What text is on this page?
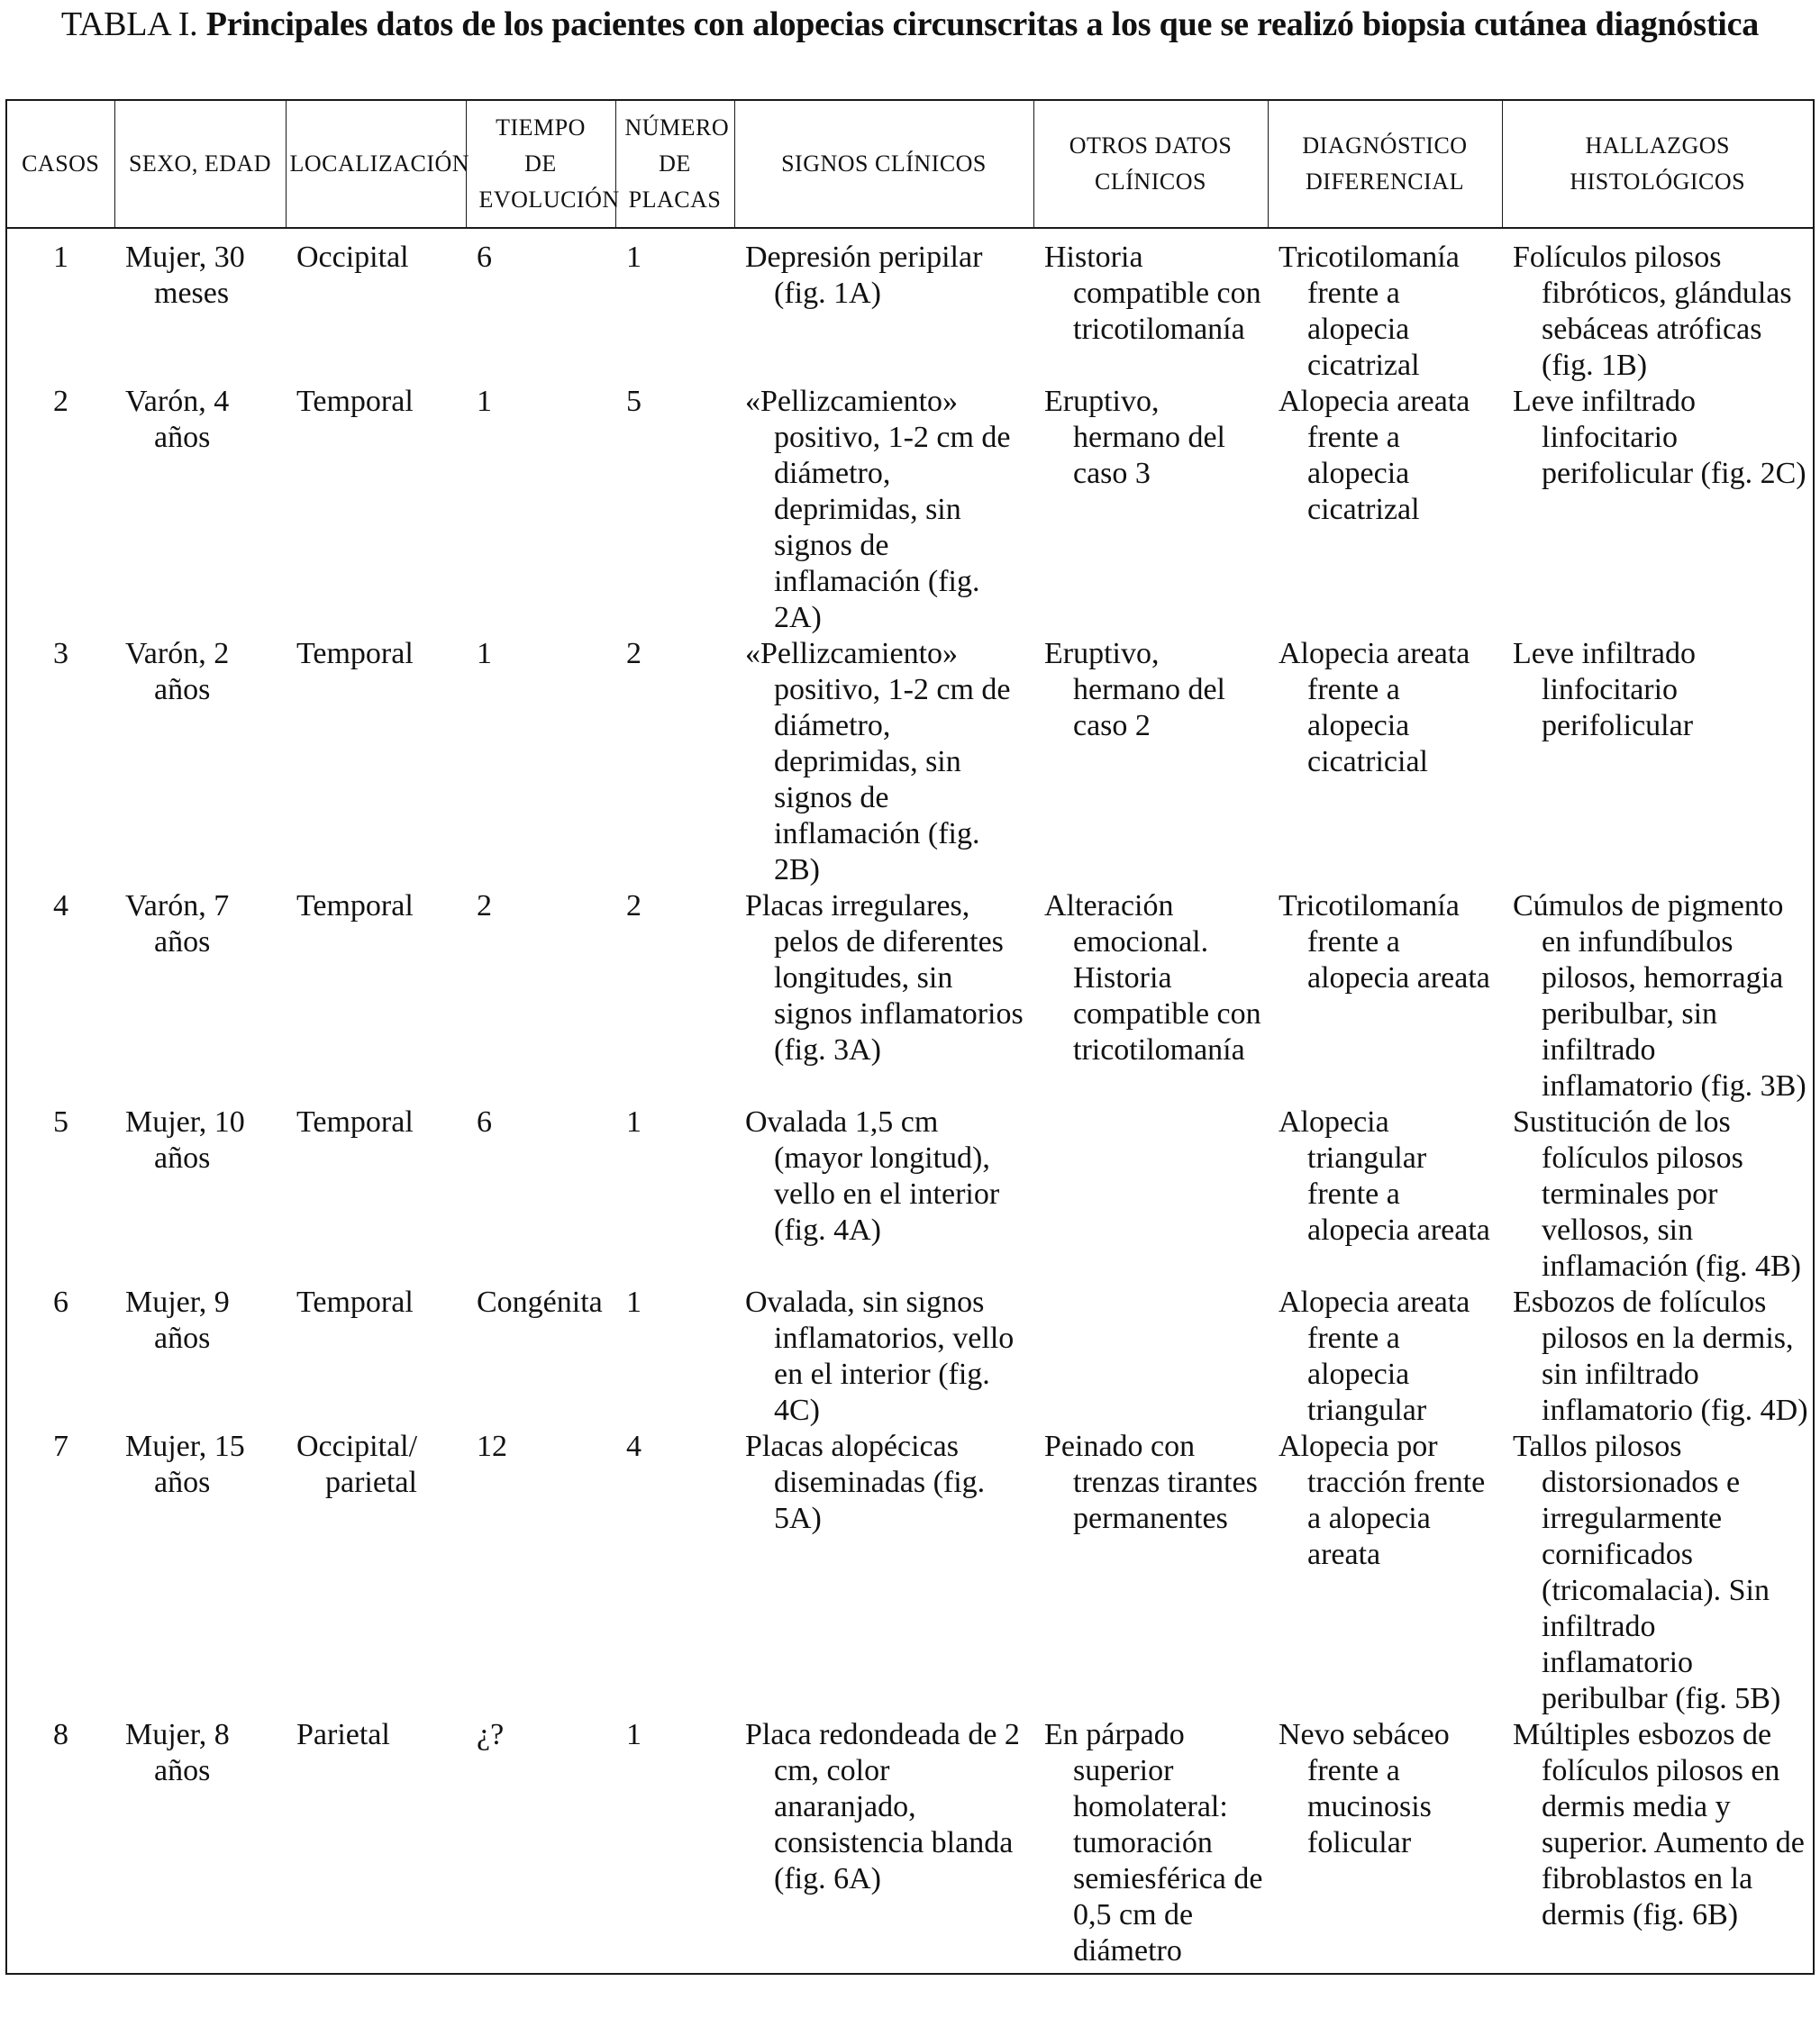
TABLA I. Principales datos de los pacientes con alopecias circunscritas a los que se realizó biopsia cutánea diagnóstica
CASOS	SEXO, EDAD	LOCALIZACIÓN	TIEMPO DE EVOLUCIÓN	NÚMERO DE PLACAS	SIGNOS CLÍNICOS	OTROS DATOS CLÍNICOS	DIAGNÓSTICO DIFERENCIAL	HALLAZGOS HISTOLÓGICOS
1	Mujer, 30 meses	Occipital	6	1	Depresión peripilar (fig. 1A)	Historia compatible con tricotilomanía	Tricotilomanía frente a alopecia cicatrizal	Folículos pilosos fibróticos, glándulas sebáceas atróficas (fig. 1B)

2	Varón, 4 años	Temporal	1	5	«Pellizcamiento» positivo, 1-2 cm de diámetro, deprimidas, sin signos de inflamación (fig. 2A)	Eruptivo, hermano del caso 3	Alopecia areata frente a alopecia cicatrizal	Leve infiltrado linfocitario perifolicular (fig. 2C)

3	Varón, 2 años	Temporal	1	2	«Pellizcamiento» positivo, 1-2 cm de diámetro, deprimidas, sin signos de inflamación (fig. 2B)	Eruptivo, hermano del caso 2	Alopecia areata frente a alopecia cicatricial	Leve infiltrado linfocitario perifolicular

4	Varón, 7 años	Temporal	2	2	Placas irregulares, pelos de diferentes longitudes, sin signos inflamatorios (fig. 3A)	Alteración emocional. Historia compatible con tricotilomanía	Tricotilomanía frente a alopecia areata	Cúmulos de pigmento en infundíbulos pilosos, hemorragia peribulbar, sin infiltrado inflamatorio (fig. 3B)

5	Mujer, 10 años	Temporal	6	1	Ovalada 1,5 cm (mayor longitud), vello en el interior (fig. 4A)		Alopecia triangular frente a alopecia areata	Sustitución de los folículos pilosos terminales por vellosos, sin inflamación (fig. 4B)

6	Mujer, 9 años	Temporal	Congénita	1	Ovalada, sin signos inflamatorios, vello en el interior (fig. 4C)		Alopecia areata frente a alopecia triangular	Esbozos de folículos pilosos en la dermis, sin infiltrado inflamatorio (fig. 4D)

7	Mujer, 15 años	Occipital/ parietal	12	4	Placas alopécicas diseminadas (fig. 5A)	Peinado con trenzas tirantes permanentes	Alopecia por tracción frente a alopecia areata	Tallos pilosos distorsionados e irregularmente cornificados (tricomalacia). Sin infiltrado inflamatorio peribulbar (fig. 5B)

8	Mujer, 8 años	Parietal	¿?	1	Placa redondeada de 2 cm, color anaranjado, consistencia blanda (fig. 6A)	En párpado superior homolateral: tumoración semiesférica de 0,5 cm de diámetro	Nevo sebáceo frente a mucinosis folicular	Múltiples esbozos de folículos pilosos en dermis media y superior. Aumento de fibroblastos en la dermis (fig. 6B)
